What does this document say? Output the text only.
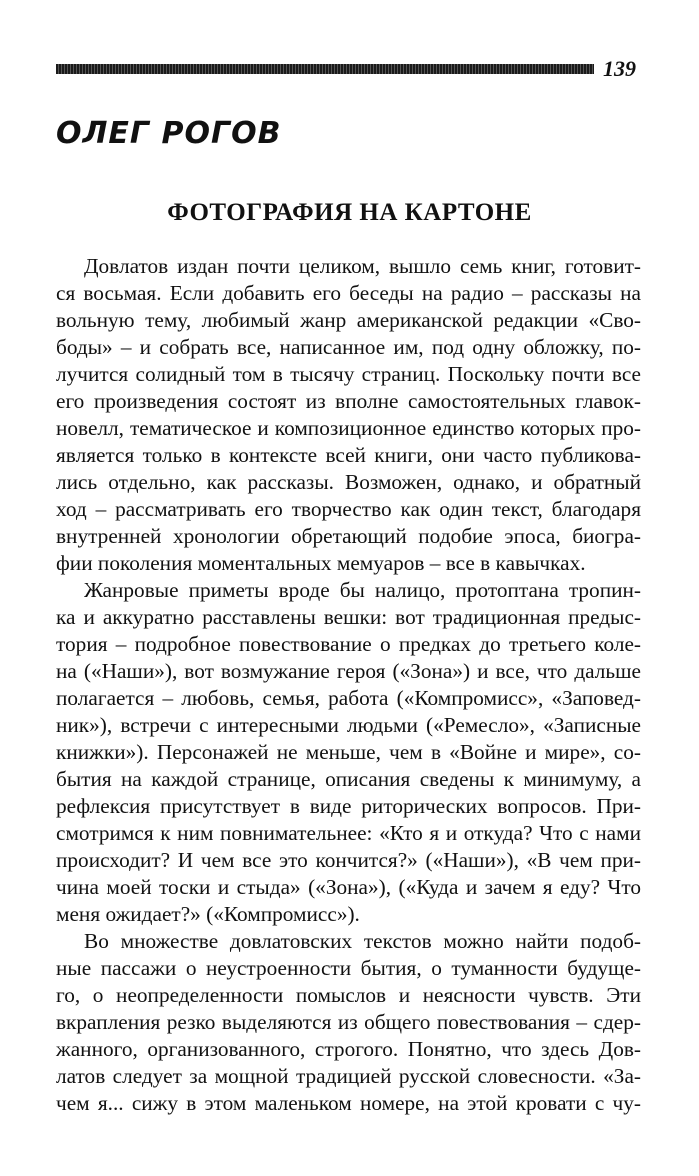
139
ОЛЕГ РОГОВ
ФОТОГРАФИЯ НА КАРТОНЕ
Довлатов издан почти целиком, вышло семь книг, готовит-
ся восьмая. Если добавить его беседы на радио – рассказы на
вольную тему, любимый жанр американской редакции «Сво-
боды» – и собрать все, написанное им, под одну обложку, по-
лучится солидный том в тысячу страниц. Поскольку почти все
его произведения состоят из вполне самостоятельных главок-
новелл, тематическое и композиционное единство которых про-
является только в контексте всей книги, они часто публикова-
лись отдельно, как рассказы. Возможен, однако, и обратный
ход – рассматривать его творчество как один текст, благодаря
внутренней хронологии обретающий подобие эпоса, биогра-
фии поколения моментальных мемуаров – все в кавычках.
Жанровые приметы вроде бы налицо, протоптана тропин-
ка и аккуратно расставлены вешки: вот традиционная предыс-
тория – подробное повествование о предках до третьего коле-
на («Наши»), вот возмужание героя («Зона») и все, что дальше
полагается – любовь, семья, работа («Компромисс», «Заповед-
ник»), встречи с интересными людьми («Ремесло», «Записные
книжки»). Персонажей не меньше, чем в «Войне и мире», со-
бытия на каждой странице, описания сведены к минимуму, а
рефлексия присутствует в виде риторических вопросов. При-
смотримся к ним повнимательнее: «Кто я и откуда? Что с нами
происходит? И чем все это кончится?» («Наши»), «В чем при-
чина моей тоски и стыда» («Зона»), («Куда и зачем я еду? Что
меня ожидает?» («Компромисс»).
Во множестве довлатовских текстов можно найти подоб-
ные пассажи о неустроенности бытия, о туманности будуще-
го, о неопределенности помыслов и неясности чувств. Эти
вкрапления резко выделяются из общего повествования – сдер-
жанного, организованного, строгого. Понятно, что здесь Дов-
латов следует за мощной традицией русской словесности. «За-
чем я... сижу в этом маленьком номере, на этой кровати с чу-
